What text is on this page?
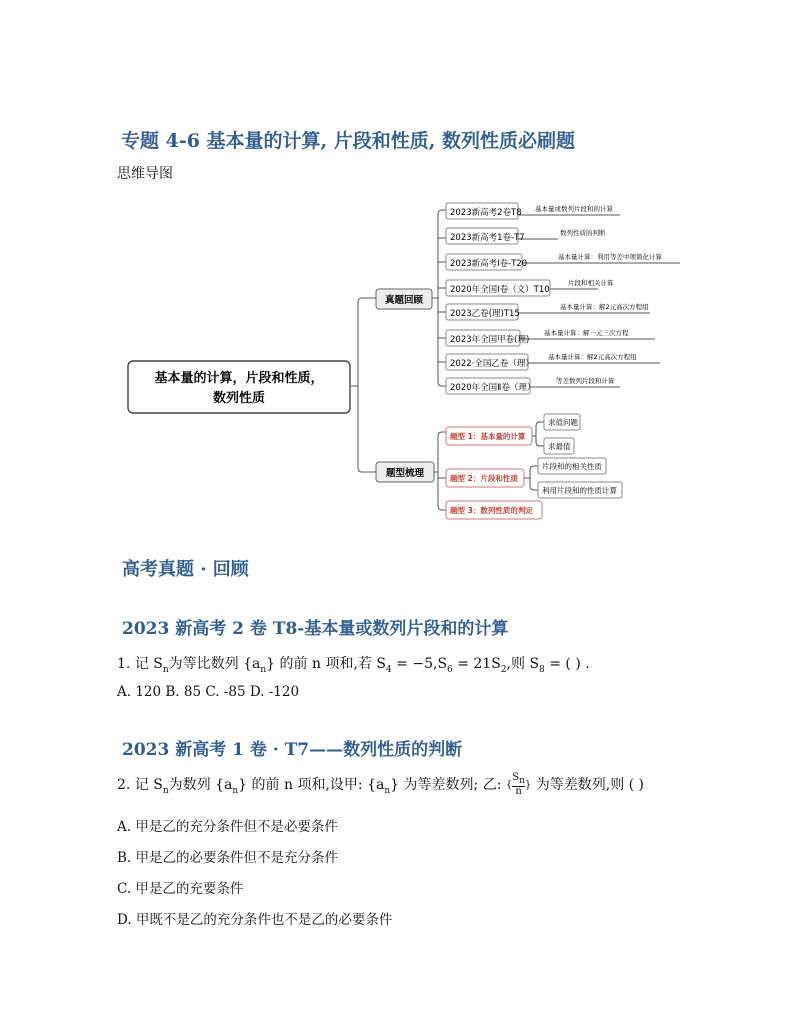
专题 4-6 基本量的计算, 片段和性质, 数列性质必刷题
思维导图
基本量的计算，片段和性质，
数列性质
真题回顾
题型梳理
2023新高考2卷T8
2023新高考1卷-T7
2023新高考I卷-T20
2020年全国Ⅰ卷（文）T10
2023乙卷(理)T15
2023年全国甲卷(理)
2022·全国乙卷（理）
2020年全国Ⅱ卷（理）
基本量或数列片段和的计算
数列性质的判断
基本量计算：利用等差中项简化计算
片段和相关计算
基本量计算：解2元高次方程组
基本量计算：解一元三次方程
基本量计算：解2元高次方程组
等差数列片段和计算
题型 1：基本量的计算
题型 2：片段和性质
题型 3：数列性质的判定
求值问题
求最值
片段和的相关性质
利用片段和的性质计算
高考真题 · 回顾
2023 新高考 2 卷 T8-基本量或数列片段和的计算
1. 记 $S_n$为等比数列 $\{a_n\}$ 的前 n 项和,若 $S_4 = -5,S_6 = 21S_2$,则 $S_8$ = ( ) .
A. 120 B. 85 C. -85 D. -120
2023 新高考 1 卷 · T7——数列性质的判断
2. 记 $S_n$为数列 $\{a_n\}$ 的前 n 项和,设甲: $\{a_n\}$ 为等差数列; 乙: { $\frac{S_n}{n}$ } 为等差数列,则 ( )
A. 甲是乙的充分条件但不是必要条件
B. 甲是乙的必要条件但不是充分条件
C. 甲是乙的充要条件
D. 甲既不是乙的充分条件也不是乙的必要条件
